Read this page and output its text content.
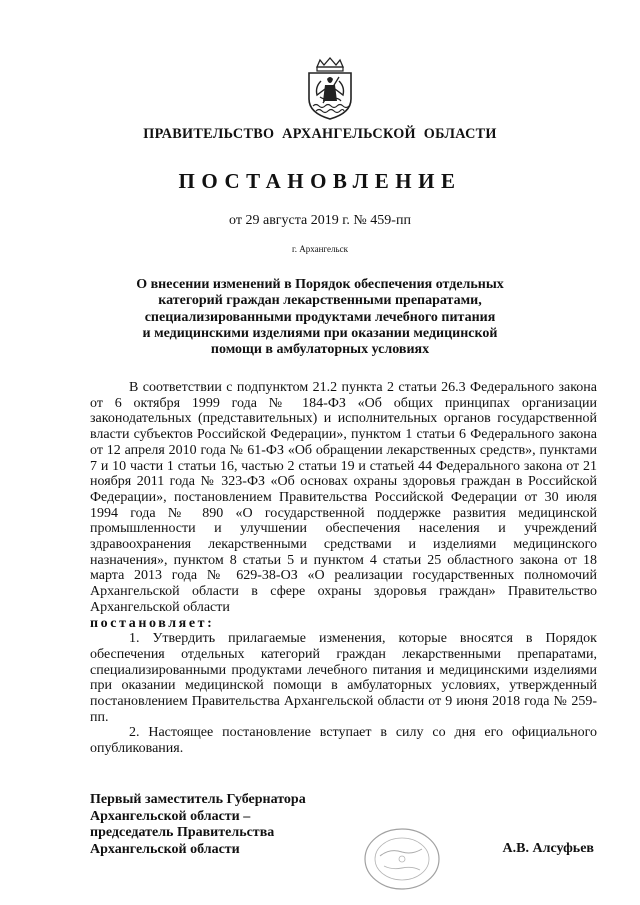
ПРАВИТЕЛЬСТВО АРХАНГЕЛЬСКОЙ ОБЛАСТИ
ПОСТАНОВЛЕНИЕ
от 29 августа 2019 г. № 459-пп
г. Архангельск
О внесении изменений в Порядок обеспечения отдельных
категорий граждан лекарственными препаратами,
специализированными продуктами лечебного питания
и медицинскими изделиями при оказании медицинской
помощи в амбулаторных условиях

В соответствии с подпунктом 21.2 пункта 2 статьи 26.3 Федерального закона от 6 октября 1999 года № 184-ФЗ «Об общих принципах организации законодательных (представительных) и исполнительных органов государственной власти субъектов Российской Федерации», пунктом 1 статьи 6 Федерального закона от 12 апреля 2010 года № 61-ФЗ «Об обращении лекарственных средств», пунктами 7 и 10 части 1 статьи 16, частью 2 статьи 19 и статьей 44 Федерального закона от 21 ноября 2011 года № 323-ФЗ «Об основах охраны здоровья граждан в Российской Федерации», постановлением Правительства Российской Федерации от 30 июля 1994 года № 890 «О государственной поддержке развития медицинской промышленности и улучшении обеспечения населения и учреждений здравоохранения лекарственными средствами и изделиями медицинского назначения», пунктом 8 статьи 5 и пунктом 4 статьи 25 областного закона от 18 марта 2013 года № 629-38-ОЗ «О реализации государственных полномочий Архангельской области в сфере охраны здоровья граждан» Правительство Архангельской области

постановляет:

1. Утвердить прилагаемые изменения, которые вносятся в Порядок обеспечения отдельных категорий граждан лекарственными препаратами, специализированными продуктами лечебного питания и медицинскими изделиями при оказании медицинской помощи в амбулаторных условиях, утвержденный постановлением Правительства Архангельской области от 9 июня 2018 года № 259-пп.

2. Настоящее постановление вступает в силу со дня его официального опубликования.

Первый заместитель Губернатора
Архангельской области –
председатель Правительства
Архангельской области	А.В. Алсуфьев
